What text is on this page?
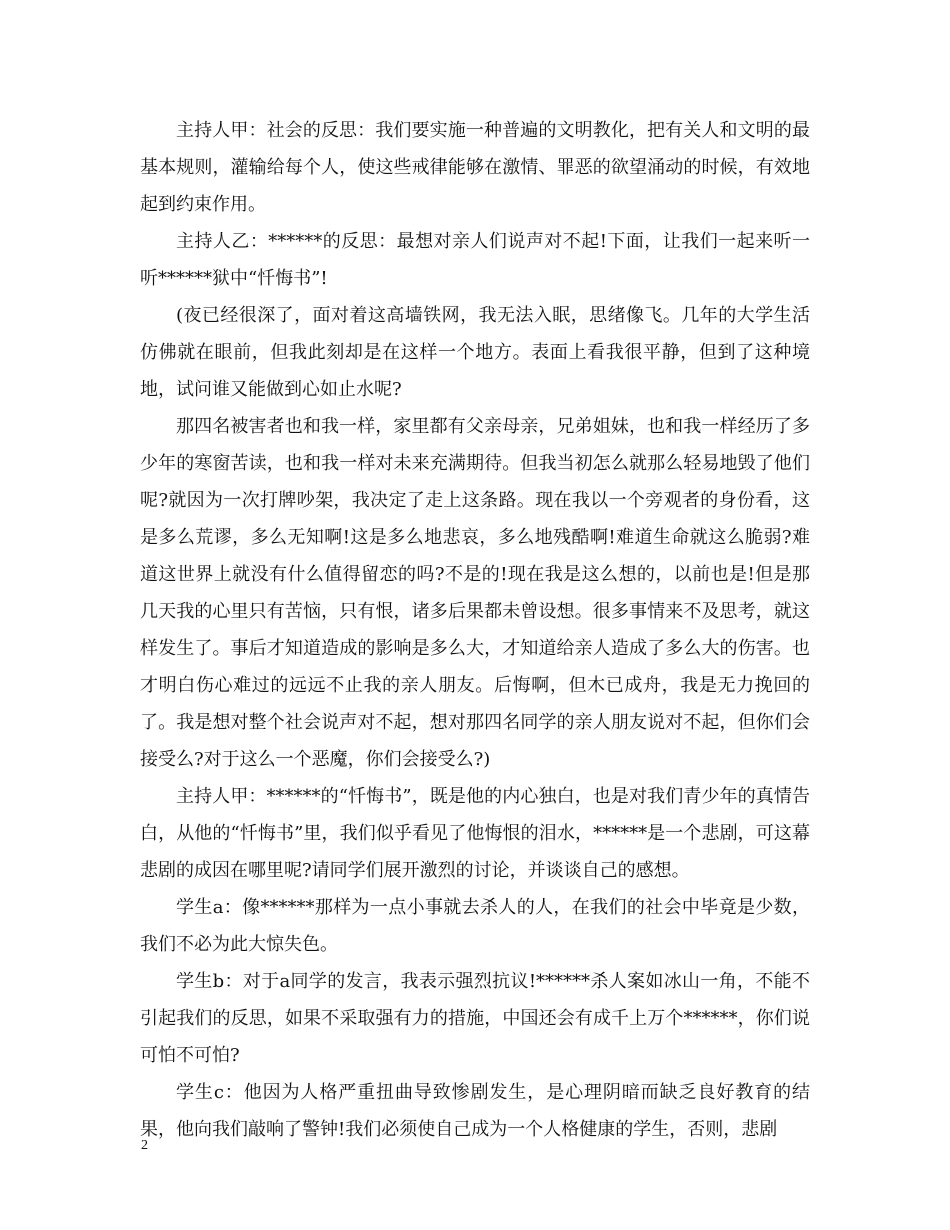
主持人甲：社会的反思：我们要实施一种普遍的文明教化，把有关人和文明的最基本规则，灌输给每个人，使这些戒律能够在激情、罪恶的欲望涌动的时候，有效地起到约束作用。

主持人乙：******的反思：最想对亲人们说声对不起!下面，让我们一起来听一听******狱中“忏悔书”!

(夜已经很深了，面对着这高墙铁网，我无法入眠，思绪像飞。几年的大学生活仿佛就在眼前，但我此刻却是在这样一个地方。表面上看我很平静，但到了这种境地，试问谁又能做到心如止水呢?

那四名被害者也和我一样，家里都有父亲母亲，兄弟姐妹，也和我一样经历了多少年的寒窗苦读，也和我一样对未来充满期待。但我当初怎么就那么轻易地毁了他们呢?就因为一次打牌吵架，我决定了走上这条路。现在我以一个旁观者的身份看，这是多么荒谬，多么无知啊!这是多么地悲哀，多么地残酷啊!难道生命就这么脆弱?难道这世界上就没有什么值得留恋的吗?不是的!现在我是这么想的，以前也是!但是那几天我的心里只有苦恼，只有恨，诸多后果都未曾设想。很多事情来不及思考，就这样发生了。事后才知道造成的影响是多么大，才知道给亲人造成了多么大的伤害。也才明白伤心难过的远远不止我的亲人朋友。后悔啊，但木已成舟，我是无力挽回的了。我是想对整个社会说声对不起，想对那四名同学的亲人朋友说对不起，但你们会接受么?对于这么一个恶魔，你们会接受么?)

主持人甲：******的“忏悔书”，既是他的内心独白，也是对我们青少年的真情告白，从他的“忏悔书”里，我们似乎看见了他悔恨的泪水，******是一个悲剧，可这幕悲剧的成因在哪里呢?请同学们展开激烈的讨论，并谈谈自己的感想。

学生a：像******那样为一点小事就去杀人的人，在我们的社会中毕竟是少数，我们不必为此大惊失色。

学生b：对于a同学的发言，我表示强烈抗议!******杀人案如冰山一角，不能不引起我们的反思，如果不采取强有力的措施，中国还会有成千上万个******，你们说可怕不可怕?

学生c：他因为人格严重扭曲导致惨剧发生，是心理阴暗而缺乏良好教育的结果，他向我们敲响了警钟!我们必须使自己成为一个人格健康的学生，否则，悲剧

2
